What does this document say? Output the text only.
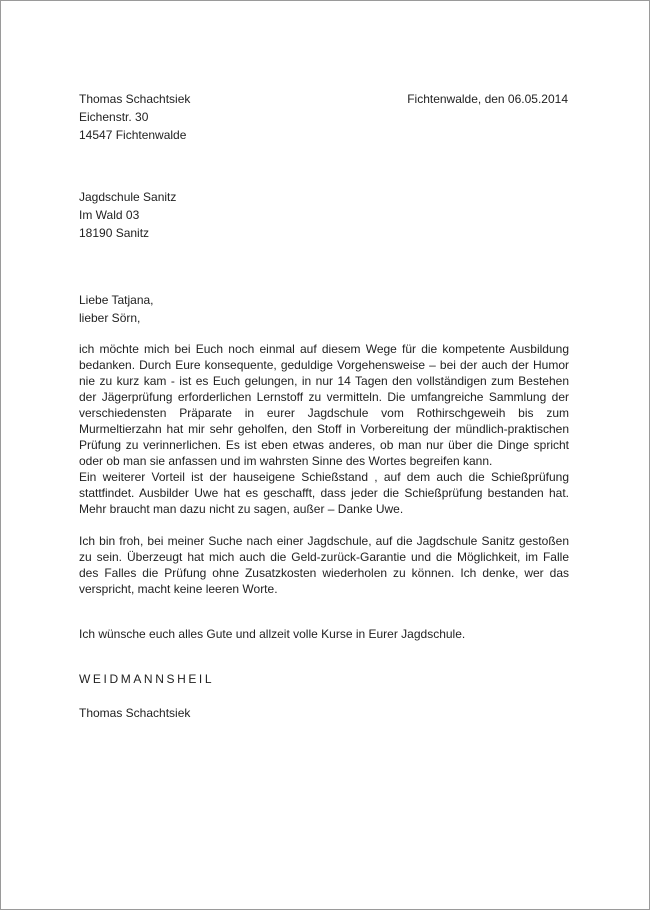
Thomas Schachtsiek
Eichenstr. 30
14547 Fichtenwalde
Fichtenwalde, den 06.05.2014
Jagdschule Sanitz
Im Wald 03
18190 Sanitz
Liebe Tatjana,
lieber Sörn,

ich möchte mich bei Euch noch einmal auf diesem Wege für die kompetente Ausbildung bedanken. Durch Eure konsequente, geduldige Vorgehensweise – bei der auch der Humor nie zu kurz kam - ist es Euch gelungen, in nur 14 Tagen den vollständigen zum Bestehen der Jägerprüfung erforderlichen Lernstoff zu vermitteln. Die umfangreiche Sammlung der verschiedensten Präparate in eurer Jagdschule vom Rothirschgeweih bis zum Murmeltierzahn hat mir sehr geholfen, den Stoff in Vorbereitung der mündlich-praktischen Prüfung zu verinnerlichen. Es ist eben etwas anderes, ob man nur über die Dinge spricht oder ob man sie anfassen und im wahrsten Sinne des Wortes begreifen kann.

Ein weiterer Vorteil ist der hauseigene Schießstand , auf dem auch die Schießprüfung stattfindet. Ausbilder Uwe hat es geschafft, dass jeder die Schießprüfung bestanden hat. Mehr braucht man dazu nicht zu sagen, außer – Danke Uwe.

Ich bin froh, bei meiner Suche nach einer Jagdschule, auf die Jagdschule Sanitz gestoßen zu sein. Überzeugt hat mich auch die Geld-zurück-Garantie und die Möglichkeit, im Falle des Falles die Prüfung ohne Zusatzkosten wiederholen zu können. Ich denke, wer das verspricht, macht keine leeren Worte.

Ich wünsche euch alles Gute und allzeit volle Kurse in Eurer Jagdschule.

WEIDMANNSHEIL
Thomas Schachtsiek
